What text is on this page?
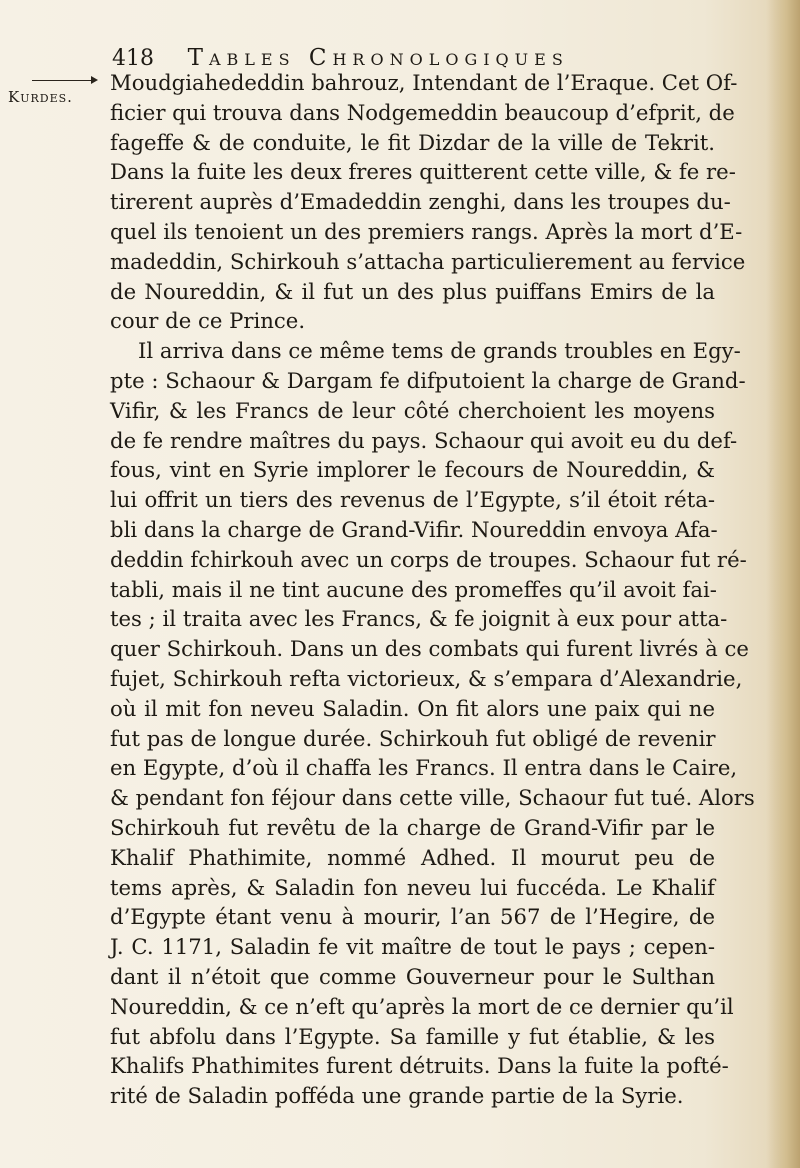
418 Tables Chronologiques
Kurdes.
Moudgiahededdin bahrouz, Intendant de l’Eraque. Cet Of-
ficier qui trouva dans Nodgemeddin beaucoup d’efprit, de
fageffe & de conduite, le fit Dizdar de la ville de Tekrit.
Dans la fuite les deux freres quitterent cette ville, & fe re-
tirerent auprès d’Emadeddin zenghi, dans les troupes du-
quel ils tenoient un des premiers rangs. Après la mort d’E-
madeddin, Schirkouh s’attacha particulierement au fervice
de Noureddin, & il fut un des plus puiffans Emirs de la
cour de ce Prince.
Il arriva dans ce même tems de grands troubles en Egy-
pte : Schaour & Dargam fe difputoient la charge de Grand-
Vifir, & les Francs de leur côté cherchoient les moyens
de fe rendre maîtres du pays. Schaour qui avoit eu du def-
fous, vint en Syrie implorer le fecours de Noureddin, &
lui offrit un tiers des revenus de l’Egypte, s’il étoit réta-
bli dans la charge de Grand-Vifir. Noureddin envoya Afa-
deddin fchirkouh avec un corps de troupes. Schaour fut ré-
tabli, mais il ne tint aucune des promeffes qu’il avoit fai-
tes ; il traita avec les Francs, & fe joignit à eux pour atta-
quer Schirkouh. Dans un des combats qui furent livrés à ce
fujet, Schirkouh refta victorieux, & s’empara d’Alexandrie,
où il mit fon neveu Saladin. On fit alors une paix qui ne
fut pas de longue durée. Schirkouh fut obligé de revenir
en Egypte, d’où il chaffa les Francs. Il entra dans le Caire,
& pendant fon féjour dans cette ville, Schaour fut tué. Alors
Schirkouh fut revêtu de la charge de Grand-Vifir par le
Khalif Phathimite, nommé Adhed. Il mourut peu de
tems après, & Saladin fon neveu lui fuccéda. Le Khalif
d’Egypte étant venu à mourir, l’an 567 de l’Hegire, de
J. C. 1171, Saladin fe vit maître de tout le pays ; cepen-
dant il n’étoit que comme Gouverneur pour le Sulthan
Noureddin, & ce n’eft qu’après la mort de ce dernier qu’il
fut abfolu dans l’Egypte. Sa famille y fut établie, & les
Khalifs Phathimites furent détruits. Dans la fuite la pofté-
rité de Saladin pofféda une grande partie de la Syrie.
